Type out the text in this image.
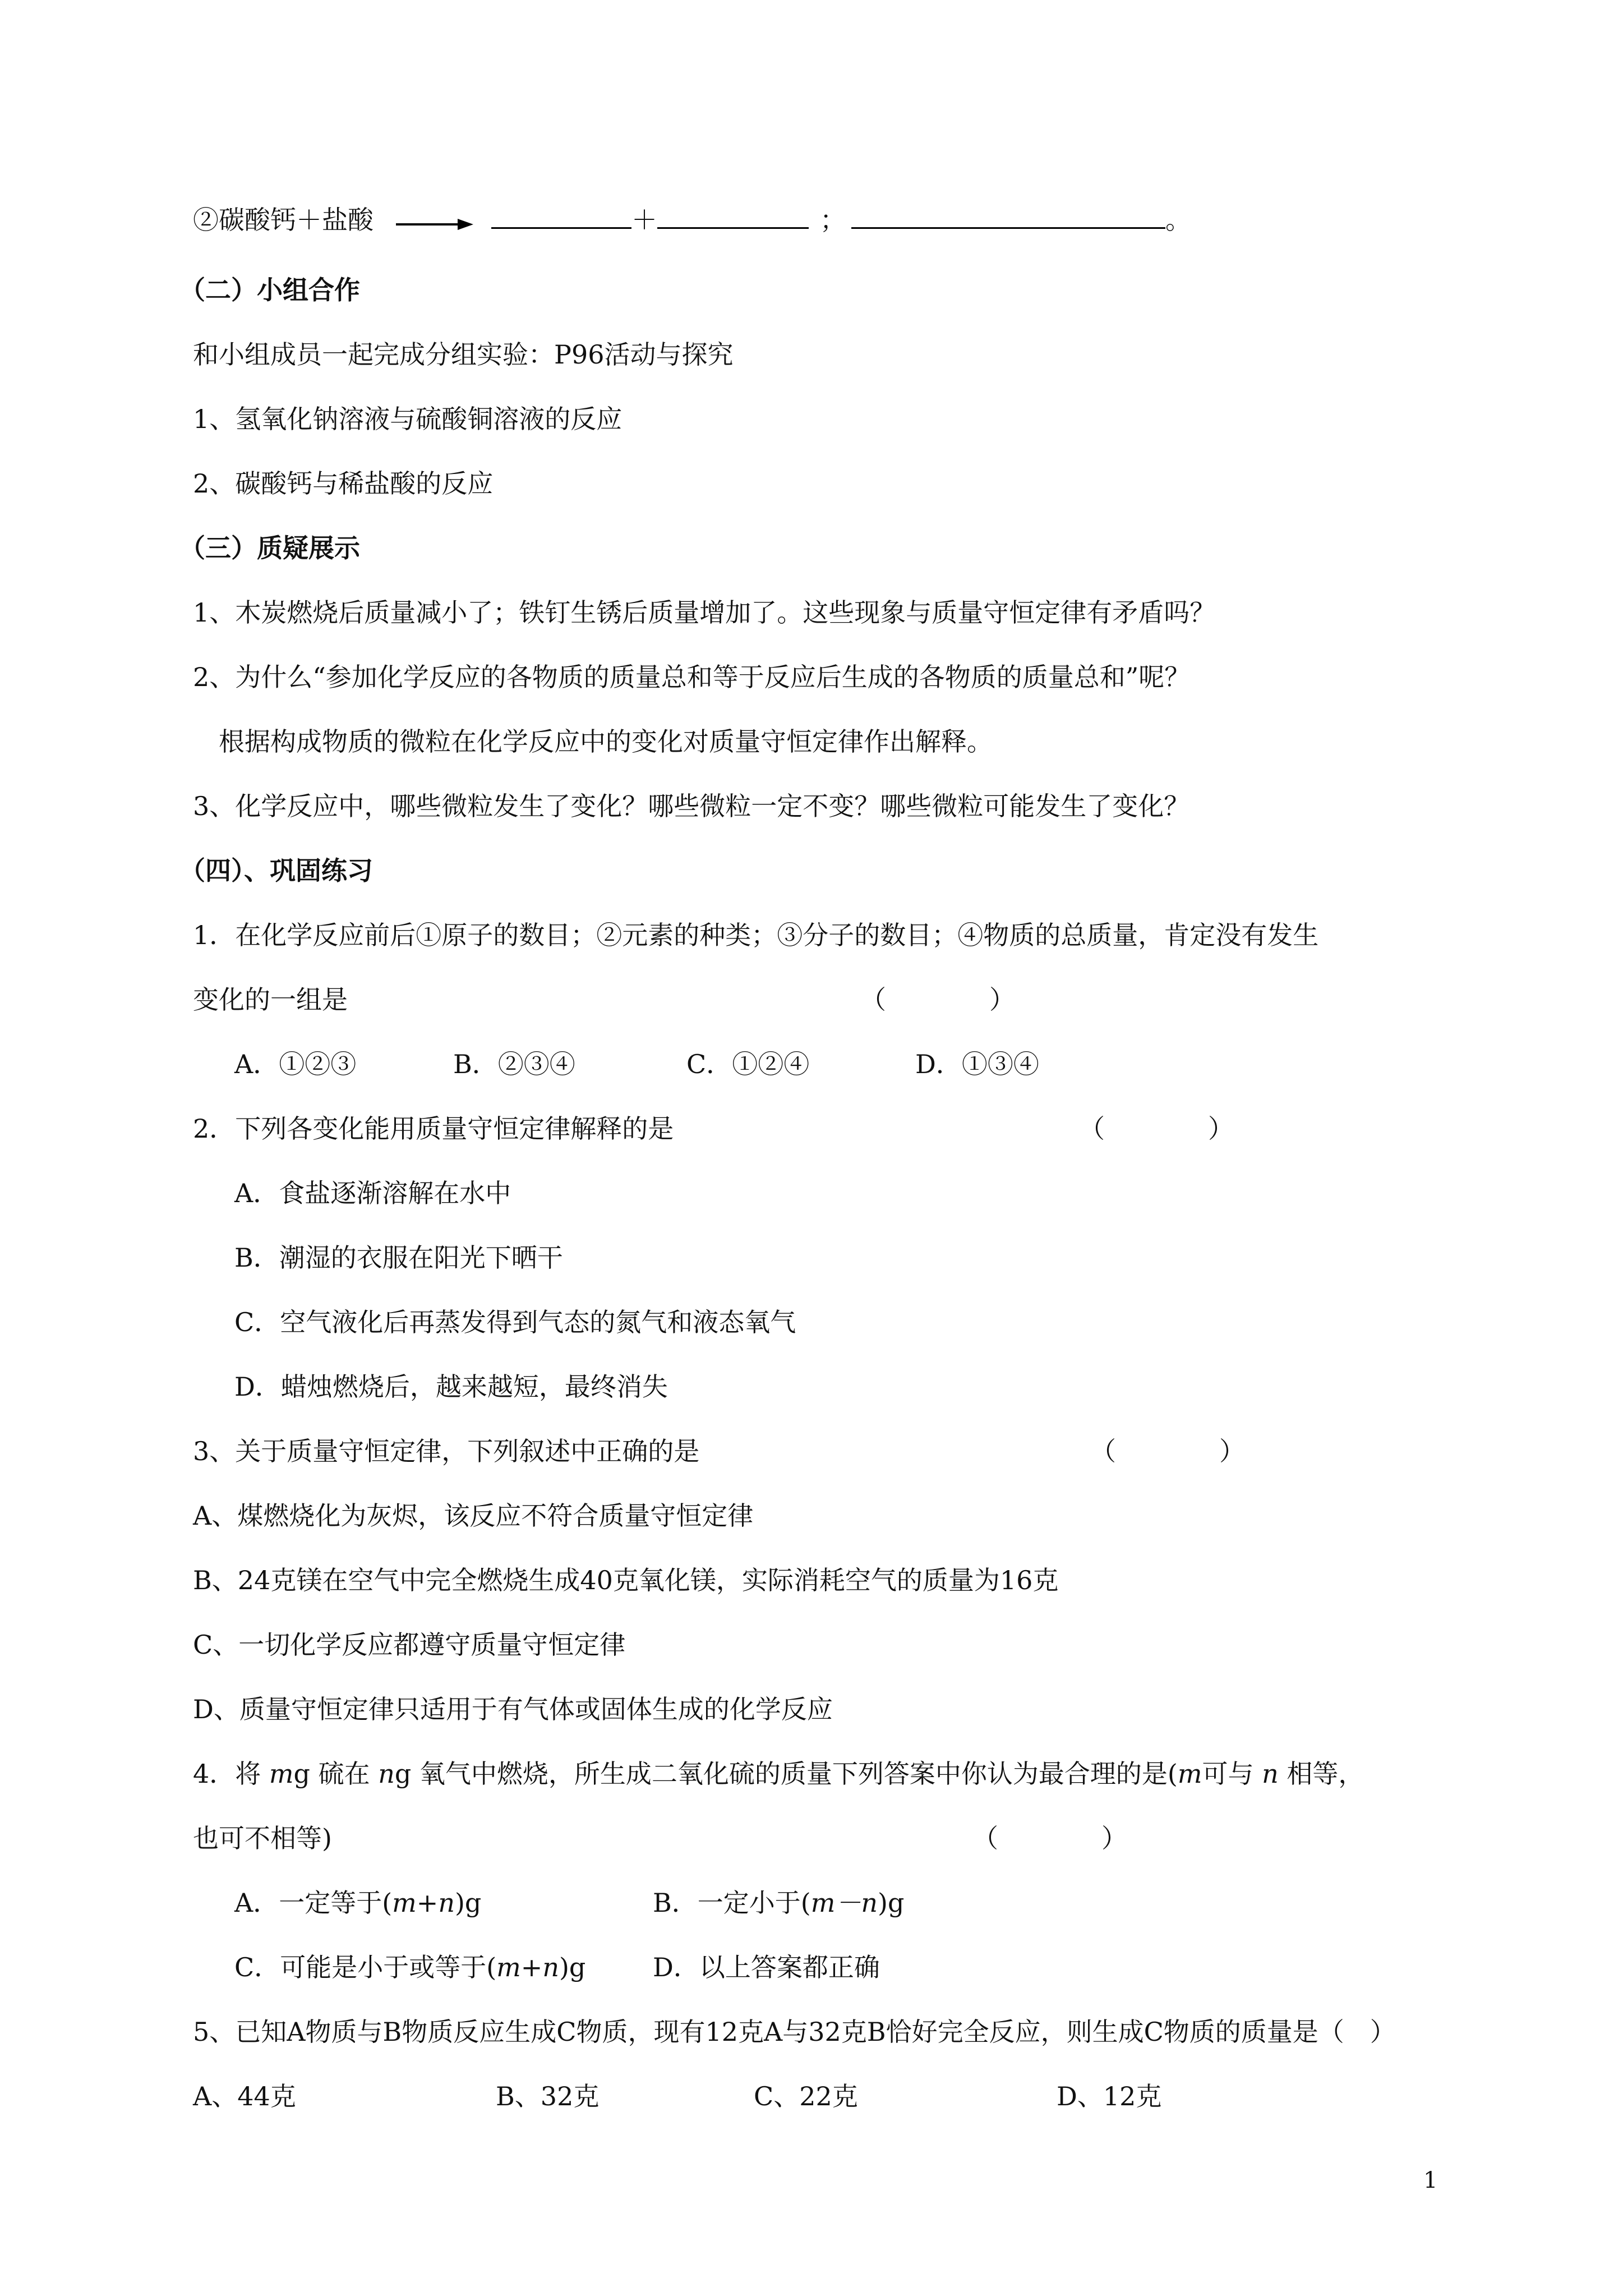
②碳酸钙＋盐酸 →	＋	；	。
（二）小组合作
和小组成员一起完成分组实验：P96活动与探究
1、氢氧化钠溶液与硫酸铜溶液的反应
2、碳酸钙与稀盐酸的反应
（三）质疑展示
1、木炭燃烧后质量减小了；铁钉生锈后质量增加了。这些现象与质量守恒定律有矛盾吗？
2、为什么“参加化学反应的各物质的质量总和等于反应后生成的各物质的质量总和”呢？
根据构成物质的微粒在化学反应中的变化对质量守恒定律作出解释。
3、化学反应中，哪些微粒发生了变化？哪些微粒一定不变？哪些微粒可能发生了变化？
（四）、巩固练习
1．在化学反应前后①原子的数目；②元素的种类；③分子的数目；④物质的总质量，肯定没有发生
变化的一组是	（　　　　）
A．①②③	B．②③④	C．①②④	D．①③④
2．下列各变化能用质量守恒定律解释的是	（　　　　）
A．食盐逐渐溶解在水中
B．潮湿的衣服在阳光下晒干
C．空气液化后再蒸发得到气态的氮气和液态氧气
D．蜡烛燃烧后，越来越短，最终消失
3、关于质量守恒定律，下列叙述中正确的是	（　　　　）
A、煤燃烧化为灰烬，该反应不符合质量守恒定律
B、24克镁在空气中完全燃烧生成40克氧化镁，实际消耗空气的质量为16克
C、一切化学反应都遵守质量守恒定律
D、质量守恒定律只适用于有气体或固体生成的化学反应
4．将 mg 硫在 ng 氧气中燃烧，所生成二氧化硫的质量下列答案中你认为最合理的是(m可与 n 相等，
也可不相等)	（　　　　）
A．一定等于(m+n)g	B．一定小于(m－n)g
C．可能是小于或等于(m+n)g	D．以上答案都正确
5、已知A物质与B物质反应生成C物质，现有12克A与32克B恰好完全反应，则生成C物质的质量是（　）
A、44克	B、32克	C、22克	D、12克
1
